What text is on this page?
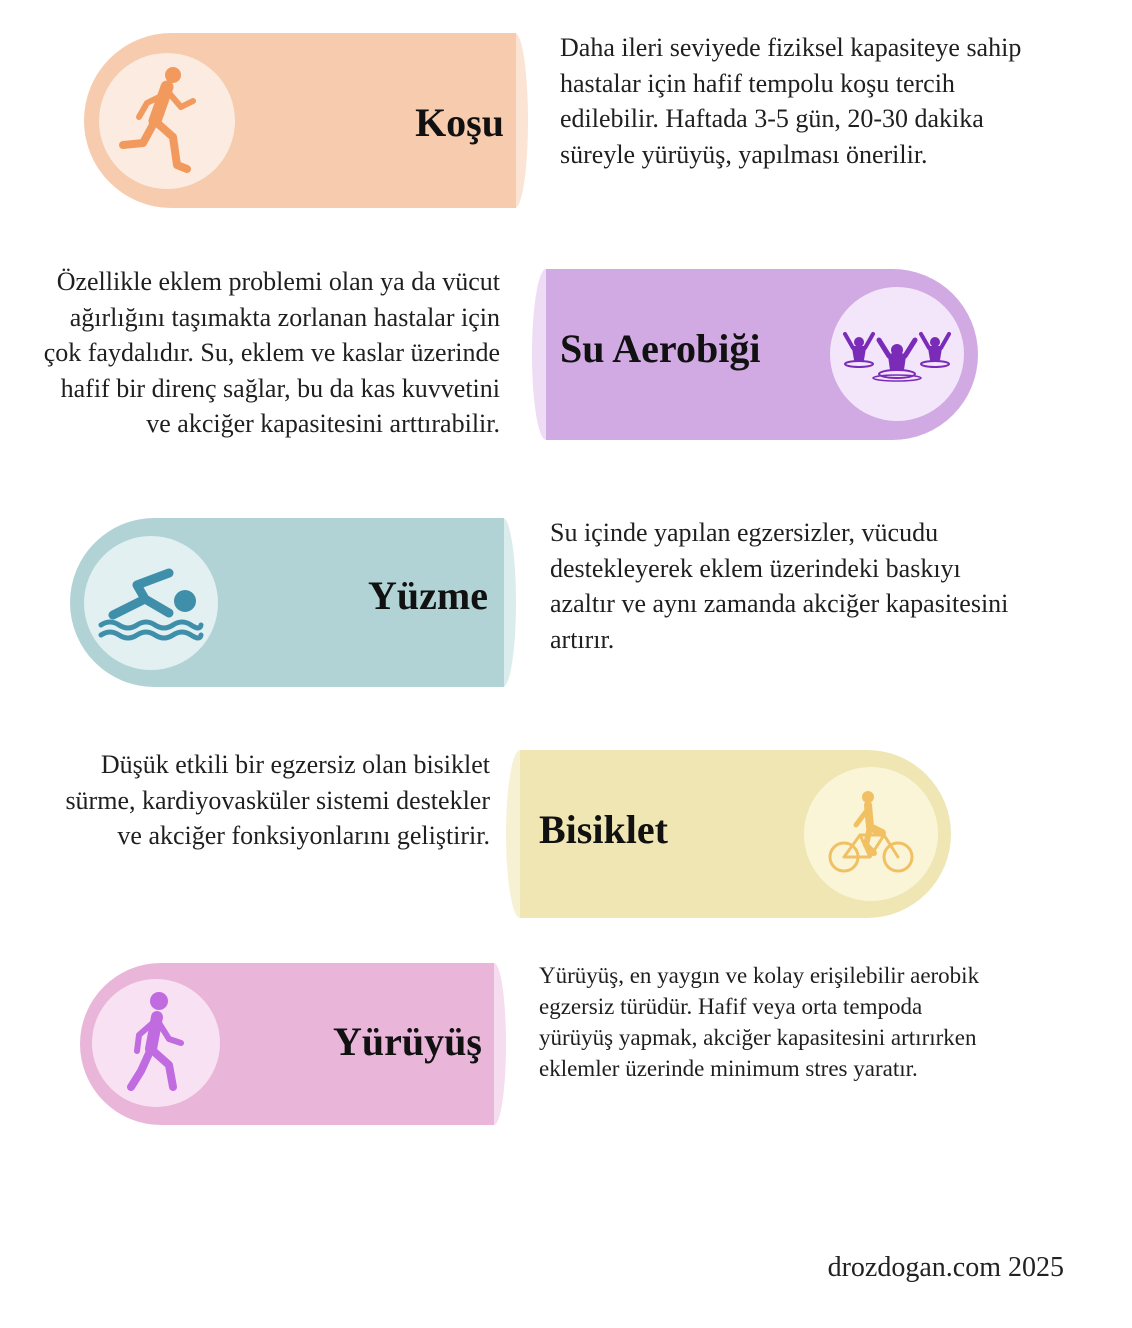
Koşu
Daha ileri seviyede fiziksel kapasiteye sahip hastalar için hafif tempolu koşu tercih edilebilir. Haftada 3-5 gün, 20-30 dakika süreyle yürüyüş, yapılması önerilir.
Su Aerobiği
Özellikle eklem problemi olan ya da vücut ağırlığını taşımakta zorlanan hastalar için çok faydalıdır. Su, eklem ve kaslar üzerinde hafif bir direnç sağlar, bu da kas kuvvetini ve akciğer kapasitesini arttırabilir.
Yüzme
Su içinde yapılan egzersizler, vücudu destekleyerek eklem üzerindeki baskıyı azaltır ve aynı zamanda akciğer kapasitesini artırır.
Bisiklet
Düşük etkili bir egzersiz olan bisiklet sürme, kardiyovasküler sistemi destekler ve akciğer fonksiyonlarını geliştirir.
Yürüyüş
Yürüyüş, en yaygın ve kolay erişilebilir aerobik egzersiz türüdür. Hafif veya orta tempoda yürüyüş yapmak, akciğer kapasitesini artırırken eklemler üzerinde minimum stres yaratır.
drozdogan.com 2025
